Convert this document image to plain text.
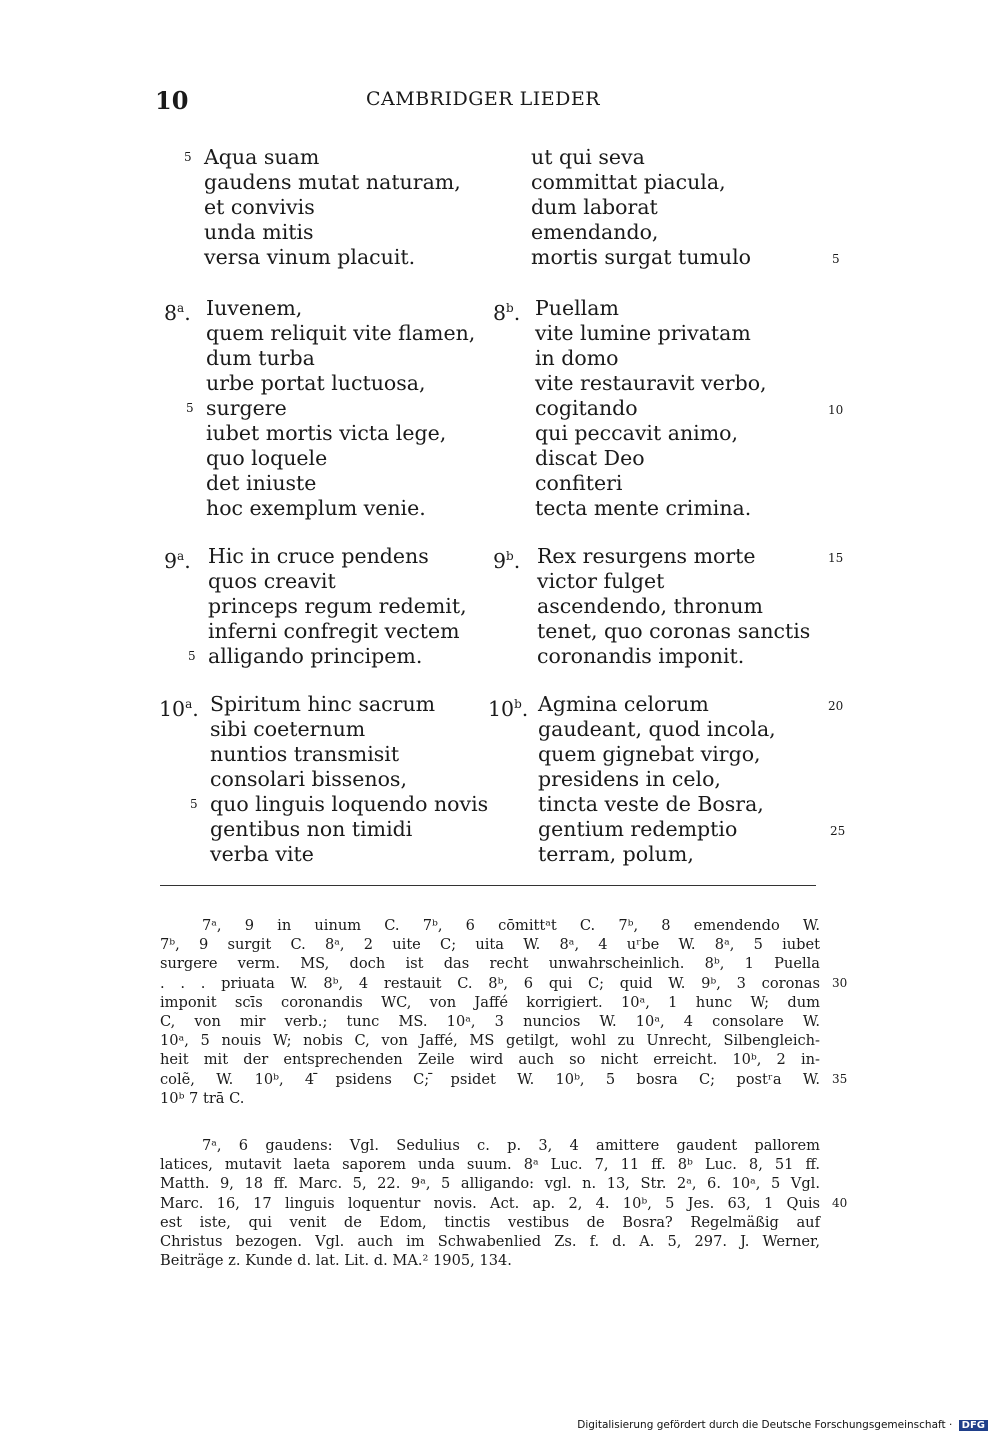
10	CAMBRIDGER LIEDER
5 Aqua suam
gaudens mutat naturam,
et convivis
unda mitis
versa vinum placuit.
ut qui seva
committat piacula,
dum laborat
emendando,
mortis surgat tumulo	5
8$^a$.	8$^b$.
Iuvenem,
quem reliquit vite flamen,
dum turba
urbe portat luctuosa,
5 surgere
iubet mortis victa lege,
quo loquele
det iniuste
hoc exemplum venie.
Puellam
vite lumine privatam
in domo
vite restauravit verbo,
cogitando
qui peccavit animo,
discat Deo
confiteri
tecta mente crimina.
10
9$^a$.	9$^b$.
Hic in cruce pendens
quos creavit
princeps regum redemit,
inferni confregit vectem
5 alligando principem.
Rex resurgens morte
victor fulget
ascendendo, thronum
tenet, quo coronas sanctis
coronandis imponit.
15
10$^a$.	10$^b$.
Spiritum hinc sacrum
sibi coeternum
nuntios transmisit
consolari bissenos,
5 quo linguis loquendo novis
gentibus non timidi
verba vite
Agmina celorum
gaudeant, quod incola,
quem gignebat virgo,
presidens in celo,
tincta veste de Bosra,
gentium redemptio
terram, polum,
20
25
7ᵃ, 9 in uinum C. 7ᵇ, 6 cōmittᵃt C. 7ᵇ, 8 emendendo W.
7ᵇ, 9 surgit C. 8ᵃ, 2 uite C; uita W. 8ᵃ, 4 uʳbe W. 8ᵃ, 5 iubet
surgere verm. MS, doch ist das recht unwahrscheinlich. 8ᵇ, 1 Puella
. . . priuata W. 8ᵇ, 4 restauit C. 8ᵇ, 6 qui C; quid W. 9ᵇ, 3 coronas
imponit scīs coronandis WC, von Jaffé korrigiert. 10ᵃ, 1 hunc W; dum
C, von mir verb.; tunc MS. 10ᵃ, 3 nuncios W. 10ᵃ, 4 consolare W.
10ᵃ, 5 nouis W; nobis C, von Jaffé, MS getilgt, wohl zu Unrecht, Silbengleich-
heit mit der entsprechenden Zeile wird auch so nicht erreicht. 10ᵇ, 2 in-
colẽ, W. 10ᵇ, 4 ̄psidens C; ̄psidet W. 10ᵇ, 5 bosra C; postʳa W.
10ᵇ 7 trā C.
30
35
7ᵃ, 6 gaudens: Vgl. Sedulius c. p. 3, 4 amittere gaudent pallorem
latices, mutavit laeta saporem unda suum. 8ᵃ Luc. 7, 11 ff. 8ᵇ Luc. 8, 51 ff.
Matth. 9, 18 ff. Marc. 5, 22. 9ᵃ, 5 alligando: vgl. n. 13, Str. 2ᵃ, 6. 10ᵃ, 5 Vgl.
Marc. 16, 17 linguis loquentur novis. Act. ap. 2, 4. 10ᵇ, 5 Jes. 63, 1 Quis
est iste, qui venit de Edom, tinctis vestibus de Bosra? Regelmäßig auf
Christus bezogen. Vgl. auch im Schwabenlied Zs. f. d. A. 5, 297. J. Werner,
Beiträge z. Kunde d. lat. Lit. d. MA.² 1905, 134.
40
Digitalisierung gefördert durch die Deutsche Forschungsgemeinschaft · DFG
